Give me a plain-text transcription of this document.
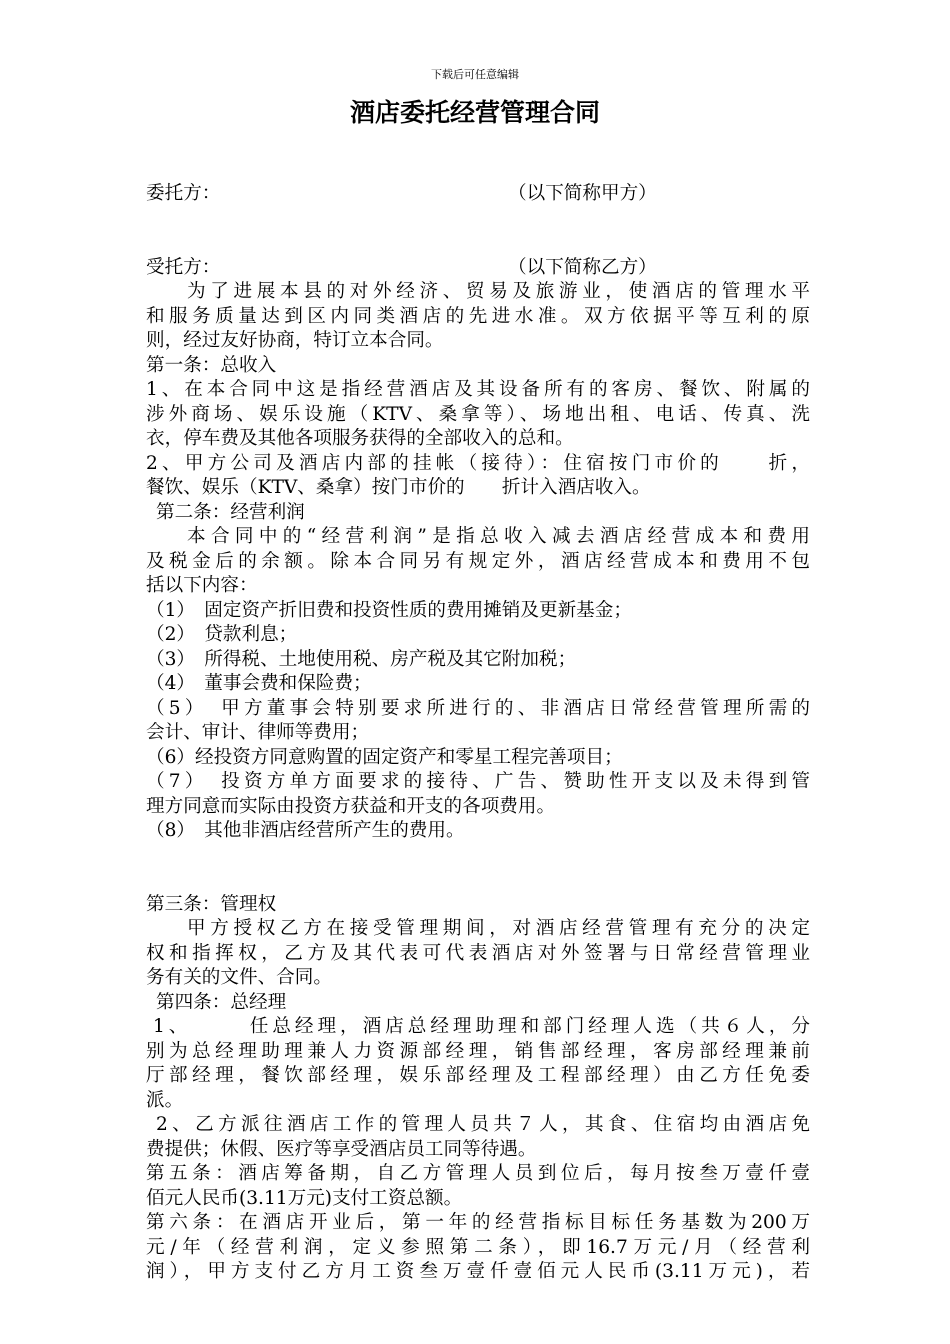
下载后可任意编辑
酒店委托经营管理合同
委托方：	（以下简称甲方）
受托方：	（以下简称乙方）
为了进展本县的对外经济、贸易及旅游业，使酒店的管理水平
和服务质量达到区内同类酒店的先进水准。双方依据平等互利的原
则，经过友好协商，特订立本合同。
第一条：总收入
1、在本合同中这是指经营酒店及其设备所有的客房、餐饮、附属的
涉外商场、娱乐设施（KTV、桑拿等）、场地出租、电话、传真、洗
衣，停车费及其他各项服务获得的全部收入的总和。
2、甲方公司及酒店内部的挂帐（接待）：住宿按门市价的　　折，
餐饮、娱乐（KTV、桑拿）按门市价的　　折计入酒店收入。
第二条：经营利润
本合同中的“经营利润”是指总收入减去酒店经营成本和费用
及税金后的余额。除本合同另有规定外，酒店经营成本和费用不包
括以下内容：
（1）　固定资产折旧费和投资性质的费用摊销及更新基金；
（2）　贷款利息；
（3）　所得税、土地使用税、房产税及其它附加税；
（4）　董事会费和保险费；
（5）　甲方董事会特别要求所进行的、非酒店日常经营管理所需的
会计、审计、律师等费用；
（6）经投资方同意购置的固定资产和零星工程完善项目；
（7）　投资方单方面要求的接待、广告、赞助性开支以及未得到管
理方同意而实际由投资方获益和开支的各项费用。
（8）　其他非酒店经营所产生的费用。
第三条：管理权
甲方授权乙方在接受管理期间，对酒店经营管理有充分的决定
权和指挥权，乙方及其代表可代表酒店对外签署与日常经营管理业
务有关的文件、合同。
第四条：总经理
1、　　　任总经理，酒店总经理助理和部门经理人选（共６人，分
别为总经理助理兼人力资源部经理，销售部经理，客房部经理兼前
厅部经理，餐饮部经理，娱乐部经理及工程部经理）由乙方任免委
派。
2、乙方派往酒店工作的管理人员共７人，其食、住宿均由酒店免
费提供；休假、医疗等享受酒店员工同等待遇。
第五条：酒店筹备期，自乙方管理人员到位后，每月按叁万壹仟壹
佰元人民币(3.11万元)支付工资总额。
第六条：在酒店开业后，第一年的经营指标目标任务基数为200万
元/年（经营利润，定义参照第二条），即16.7万元/月（经营利
润），甲方支付乙方月工资叁万壹仟壹佰元人民币(3.11万元)，若
